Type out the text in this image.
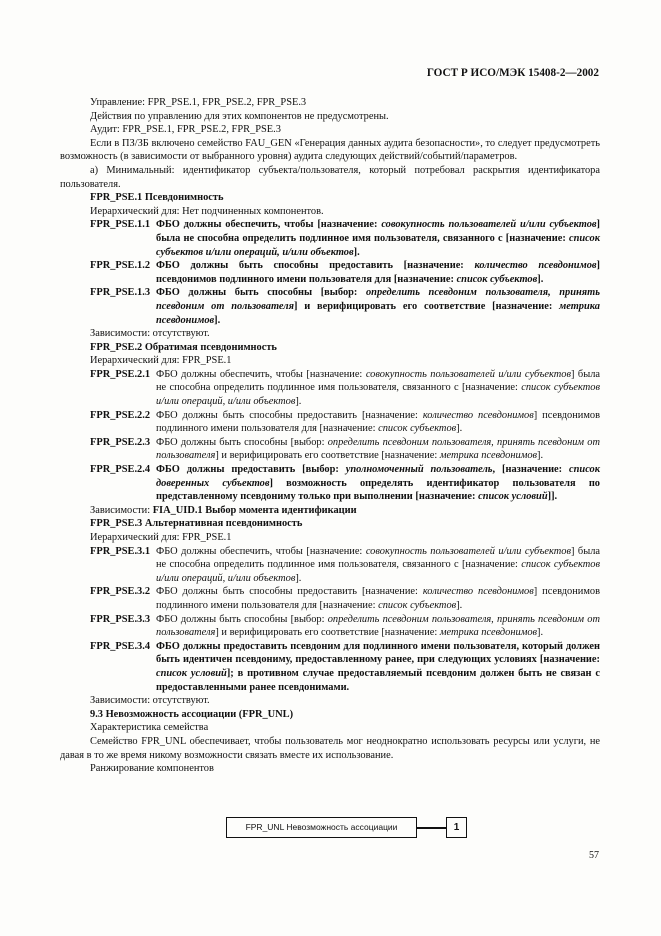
ГОСТ Р ИСО/МЭК 15408-2—2002

Управление: FPR_PSE.1, FPR_PSE.2, FPR_PSE.3

Действия по управлению для этих компонентов не предусмотрены.

Аудит: FPR_PSE.1, FPR_PSE.2, FPR_PSE.3

Если в ПЗ/ЗБ включено семейство FAU_GEN «Генерация данных аудита безопасности», то следует предусмотреть возможность (в зависимости от выбранного уровня) аудита следующих действий/событий/параметров.

а) Минимальный: идентификатор субъекта/пользователя, который потребовал раскрытия идентификатора пользователя.

FPR_PSE.1 Псевдонимность

Иерархический для: Нет подчиненных компонентов.

FPR_PSE.1.1 ФБО должны обеспечить, чтобы [назначение: совокупность пользователей и/или субъектов] была не способна определить подлинное имя пользователя, связанного с [назначение: список субъектов и/или операций, и/или объектов].
FPR_PSE.1.2 ФБО должны быть способны предоставить [назначение: количество псевдонимов] псевдонимов подлинного имени пользователя для [назначение: список субъектов].
FPR_PSE.1.3 ФБО должны быть способны [выбор: определить псевдоним пользователя, принять псевдоним от пользователя] и верифицировать его соответствие [назначение: метрика псевдонимов].

Зависимости: отсутствуют.

FPR_PSE.2 Обратимая псевдонимность

Иерархический для: FPR_PSE.1

FPR_PSE.2.1 ФБО должны обеспечить, чтобы [назначение: совокупность пользователей и/или субъектов] была не способна определить подлинное имя пользователя, связанного с [назначение: список субъектов и/или операций, и/или объектов].
FPR_PSE.2.2 ФБО должны быть способны предоставить [назначение: количество псевдонимов] псевдонимов подлинного имени пользователя для [назначение: список субъектов].
FPR_PSE.2.3 ФБО должны быть способны [выбор: определить псевдоним пользователя, принять псевдоним от пользователя] и верифицировать его соответствие [назначение: метрика псевдонимов].
FPR_PSE.2.4 ФБО должны предоставить [выбор: уполномоченный пользователь, [назначение: список доверенных субъектов] возможность определять идентификатор пользователя по представленному псевдониму только при выполнении [назначение: список условий]].

Зависимости: FIA_UID.1 Выбор момента идентификации

FPR_PSE.3 Альтернативная псевдонимность

Иерархический для: FPR_PSE.1

FPR_PSE.3.1 ФБО должны обеспечить, чтобы [назначение: совокупность пользователей и/или субъектов] была не способна определить подлинное имя пользователя, связанного с [назначение: список субъектов и/или операций, и/или объектов].
FPR_PSE.3.2 ФБО должны быть способны предоставить [назначение: количество псевдонимов] псевдонимов подлинного имени пользователя для [назначение: список субъектов].
FPR_PSE.3.3 ФБО должны быть способны [выбор: определить псевдоним пользователя, принять псевдоним от пользователя] и верифицировать его соответствие [назначение: метрика псевдонимов].
FPR_PSE.3.4 ФБО должны предоставить псевдоним для подлинного имени пользователя, который должен быть идентичен псевдониму, предоставленному ранее, при следующих условиях [назначение: список условий]; в противном случае предоставляемый псевдоним должен быть не связан с предоставленными ранее псевдонимами.

Зависимости: отсутствуют.

9.3 Невозможность ассоциации (FPR_UNL)

Характеристика семейства

Семейство FPR_UNL обеспечивает, чтобы пользователь мог неоднократно использовать ресурсы или услуги, не давая в то же время никому возможности связать вместе их использование.

Ранжирование компонентов

FPR_UNL Невозможность ассоциации	1
57
